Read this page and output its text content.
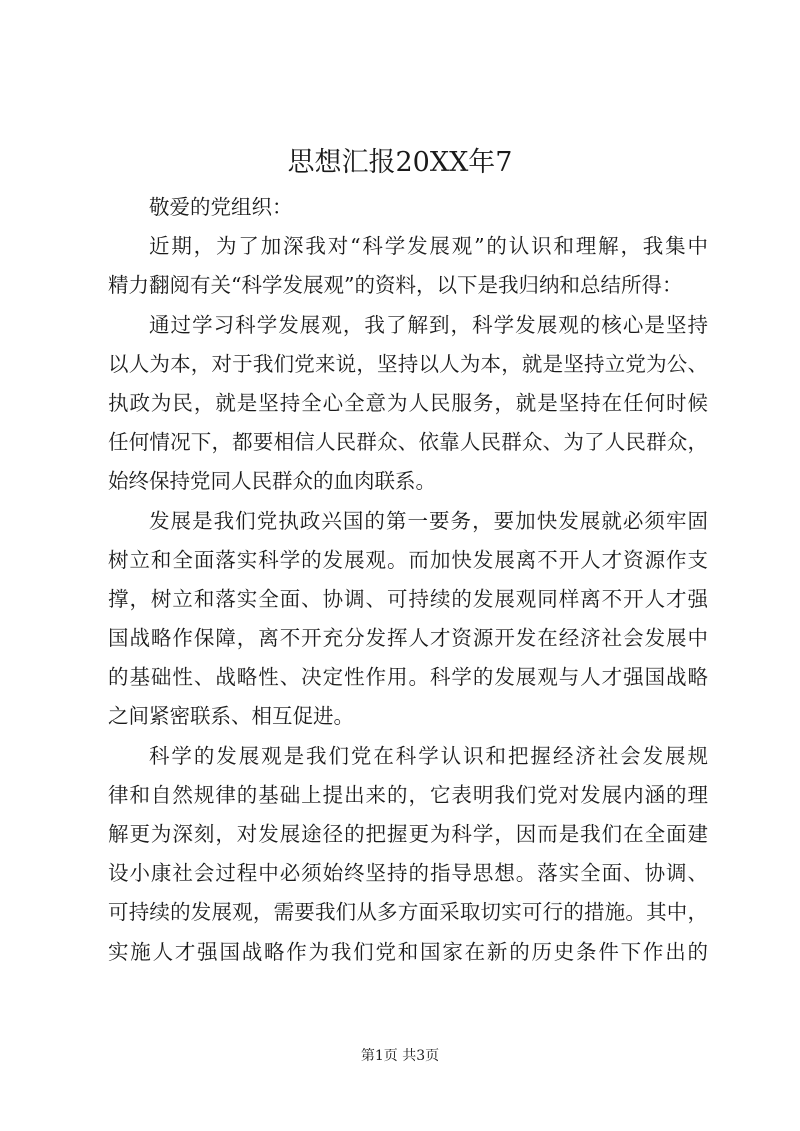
思想汇报20XX年7
敬爱的党组织：
近期，为了加深我对“科学发展观”的认识和理解，我集中
精力翻阅有关“科学发展观”的资料，以下是我归纳和总结所得：
通过学习科学发展观，我了解到，科学发展观的核心是坚持
以人为本，对于我们党来说，坚持以人为本，就是坚持立党为公、
执政为民，就是坚持全心全意为人民服务，就是坚持在任何时候
任何情况下，都要相信人民群众、依靠人民群众、为了人民群众，
始终保持党同人民群众的血肉联系。
发展是我们党执政兴国的第一要务，要加快发展就必须牢固
树立和全面落实科学的发展观。而加快发展离不开人才资源作支
撑，树立和落实全面、协调、可持续的发展观同样离不开人才强
国战略作保障，离不开充分发挥人才资源开发在经济社会发展中
的基础性、战略性、决定性作用。科学的发展观与人才强国战略
之间紧密联系、相互促进。
科学的发展观是我们党在科学认识和把握经济社会发展规
律和自然规律的基础上提出来的，它表明我们党对发展内涵的理
解更为深刻，对发展途径的把握更为科学，因而是我们在全面建
设小康社会过程中必须始终坚持的指导思想。落实全面、协调、
可持续的发展观，需要我们从多方面采取切实可行的措施。其中，
实施人才强国战略作为我们党和国家在新的历史条件下作出的
第1页 共3页
